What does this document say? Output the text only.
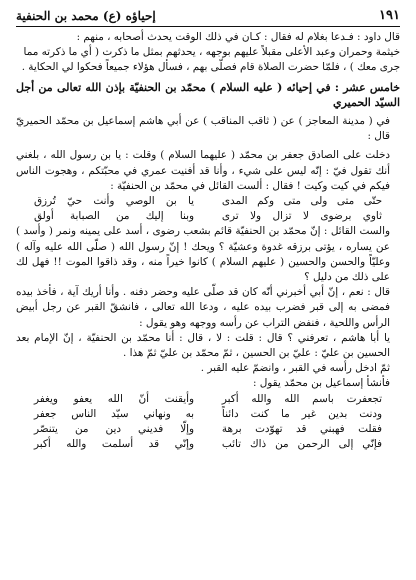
١٩١
إحياؤه (ع) محمد بن الحنفية

قال داود : فـدعا بغلام له فقال : كـان في ذلك الوقت يحدث أصحابه ، منهم :

خيثمة وحمران وعبد الأعلى مقبلاً عليهم بوجهه ، يحدثهم بمثل ما ذكرت ( أي ما ذكرته مما

جرى معك ) ، فلمّا حضرت الصلاة قام فصلّى بهم ، فسأل هؤلاء جميعاً فحكوا لي الحكاية .

خامس عشر : في إحيائه ( عليه السلام ) محمّد بن الحنفيّة بإذن الله تعالى من أجل السيّد الحميري

في ( مدينة المعاجز ) عن ( ثاقب المناقب ) عن أبي هاشم إسماعيل بن محمّد الحميريّ قال :

دخلت على الصادق جعفر بن محمّد ( عليهما السلام ) وقلت : يا بن رسول الله ، بلغني أنك تقول فيّ : إنّه ليس على شيء ، وأنا قد أفنيت عمري في محبّتكم ، وهجوت الناس فيكم في كيت وكيت ! فقال : ألست القائل في محمّد بن الحنفيّة :

حتّى متى ولى متى وكم المدى
يا بن الوصي وأنت حيّ تُرزق
ثاوي برضوى لا تزال ولا ترى
وبنا إليك من الصبابة أولق

والست القائل : إنّ محمّد بن الحنفيّة قائم بشعب رضوى ، أسد على يمينه ونمر ( وأسد ) عن يساره ، يؤتى برزقه غدوة وعشيّة ؟ ويحك ! إنّ رسول الله ( صلّى الله عليه وآله ) وعليّاً والحسن والحسين ( عليهم السلام ) كانوا خيراً منه ، وقد ذاقوا الموت !! فهل لك على ذلك من دليل ؟

قال : نعم ، إنّ أبي أخبرني أنّه كان قد صلّى عليه وحضر دفنه . وأنا أريك آية ، فأخذ بيده فمضى به إلى قبر فضرب بيده عليه ، ودعا الله تعالى ، فانشقّ القبر عن رجل أبيض الرأس واللحية ، فنفض التراب عن رأسه ووجهه وهو يقول :

يا أبا هاشم ، تعرفني ؟ قال : قلت : لا ، قال : أنا محمّد بن الحنفيّة ، إنّ الإمام بعد الحسين بن عليّ : عليّ بن الحسين ، ثمّ محمّد بن عليّ ثمّ هذا .

ثمّ ادخل رأسه في القبر ، وانضمّ عليه القبر .

فأنشأ إسماعيل بن محمّد يقول :

تجعفرت باسم الله والله أكبر
وأيقنت أنّ الله يعفو ويغفر
ودنت بدين غير ما كنت دائناً
به ونهاني سيّد الناس جعفر
فقلت فهبني قد تهوّدت برهة
وإلّا فديني دين من يتنصّر
فإنّي إلى الرحمن من ذاك تائب
وإنّي قد أسلمت والله أكبر
